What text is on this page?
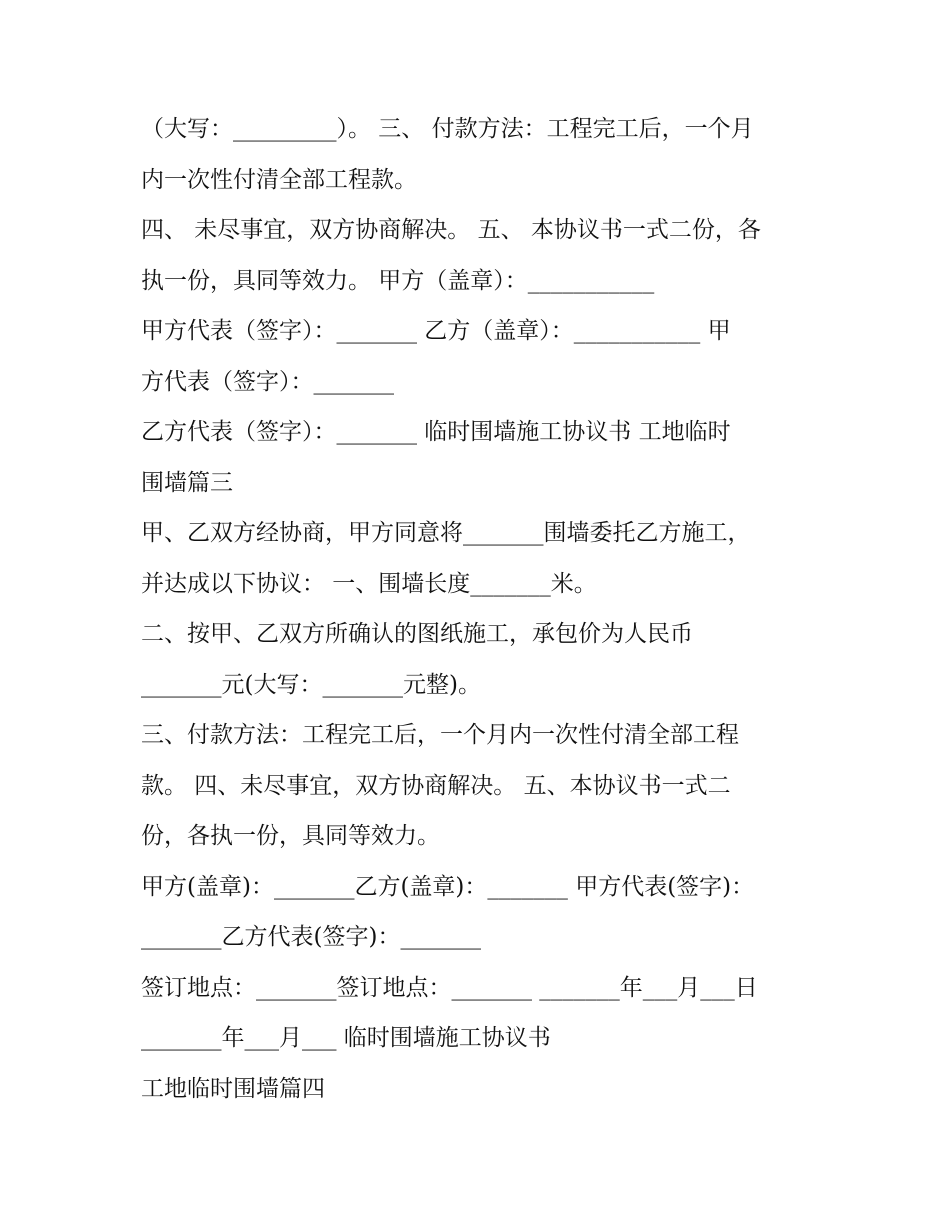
（大写：_________）。 三、 付款方法：工程完工后，一个月
内一次性付清全部工程款。
四、 未尽事宜，双方协商解决。 五、 本协议书一式二份，各
执一份，具同等效力。 甲方（盖章）：___________
甲方代表（签字）：_______ 乙方（盖章）：___________ 甲
方代表（签字）：_______
乙方代表（签字）：_______ 临时围墙施工协议书 工地临时
围墙篇三
甲、乙双方经协商，甲方同意将_______围墙委托乙方施工，
并达成以下协议： 一、围墙长度_______米。
二、按甲、乙双方所确认的图纸施工，承包价为人民币
_______元(大写：_______元整)。
三、付款方法：工程完工后，一个月内一次性付清全部工程
款。 四、未尽事宜，双方协商解决。 五、本协议书一式二
份，各执一份，具同等效力。
甲方(盖章)：_______乙方(盖章)：_______ 甲方代表(签字)：
_______乙方代表(签字)：_______
签订地点：_______签订地点：_______ _______年___月___日
_______年___月___ 临时围墙施工协议书
工地临时围墙篇四
